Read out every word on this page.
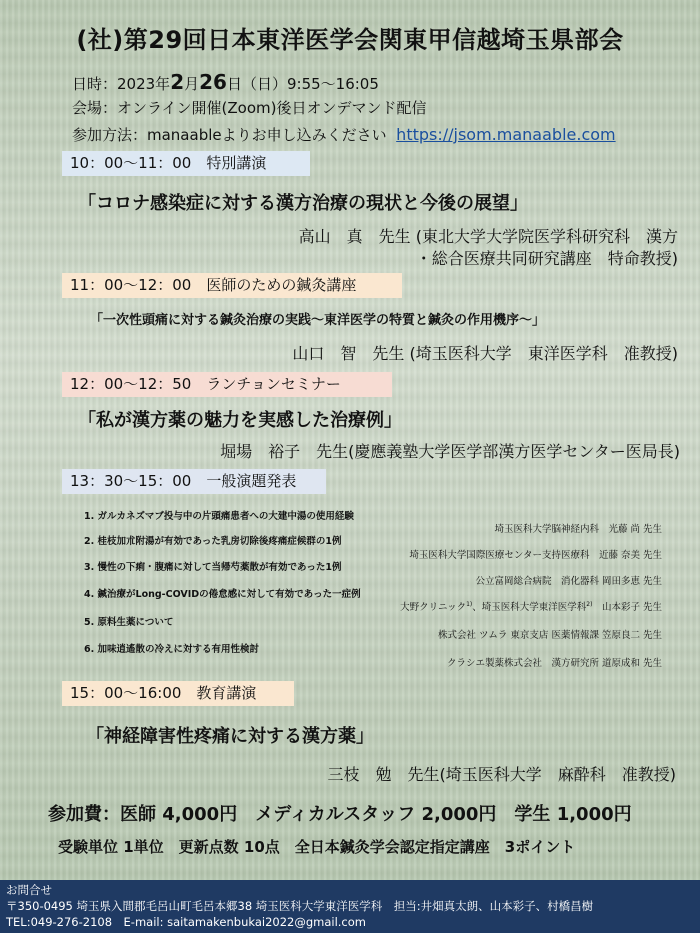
(社)第29回日本東洋医学会関東甲信越埼玉県部会
日時：2023年2月26日（日）9:55〜16:05
会場：オンライン開催(Zoom)後日オンデマンド配信
参加方法：manaableよりお申し込みください https://jsom.manaable.com
10：00〜11：00　特別講演
「コロナ感染症に対する漢方治療の現状と今後の展望」
高山　真　先生 (東北大学大学院医学科研究科　漢方
・総合医療共同研究講座　特命教授)
11：00〜12：00　医師のための鍼灸講座
「一次性頭痛に対する鍼灸治療の実践〜東洋医学の特質と鍼灸の作用機序〜」
山口　智　先生 (埼玉医科大学　東洋医学科　准教授)
12：00〜12：50　ランチョンセミナー
「私が漢方薬の魅力を実感した治療例」
堀場　裕子　先生(慶應義塾大学医学部漢方医学センター医局長)
13：30〜15：00　一般演題発表
1. ガルカネズマブ投与中の片頭痛患者への大建中湯の使用経験
埼玉医科大学脳神経内科　光藤 尚 先生
2. 桂枝加朮附湯が有効であった乳房切除後疼痛症候群の1例
埼玉医科大学国際医療センター支持医療科　近藤 奈美 先生
3. 慢性の下痢・腹痛に対して当帰芍薬散が有効であった1例
公立富岡総合病院　消化器科 岡田多恵 先生
4. 鍼治療がLong-COVIDの倦怠感に対して有効であった一症例
大野クリニック$^{1)}$、埼玉医科大学東洋医学科$^{2)}$　山本彩子 先生
5. 原料生薬について
株式会社 ツムラ 東京支店 医薬情報課 笠原良二 先生
6. 加味逍遙散の冷えに対する有用性検討
クラシエ製薬株式会社　漢方研究所 道原成和 先生
15：00〜16:00　教育講演
「神経障害性疼痛に対する漢方薬」
三枝　勉　先生(埼玉医科大学　麻酔科　准教授)
参加費：医師 4,000円　メディカルスタッフ 2,000円　学生 1,000円
受験単位 1単位　更新点数 10点　全日本鍼灸学会認定指定講座　3ポイント
お問合せ
〒350-0495 埼玉県入間郡毛呂山町毛呂本郷38 埼玉医科大学東洋医学科　担当:井畑真太朗、山本彩子、村橋昌樹
TEL:049-276-2108　E-mail: saitamakenbukai2022@gmail.com
